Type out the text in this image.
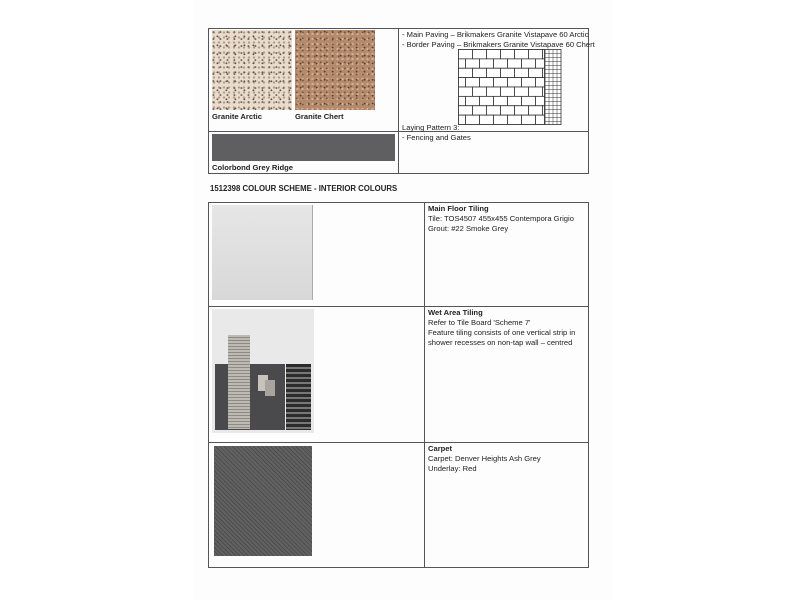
Granite Arctic	Granite Chert
- Main Paving – Brikmakers Granite Vistapave 60 Arctic
- Border Paving – Brikmakers Granite Vistapave 60 Chert
Laying Pattern 3:
Colorbond Grey Ridge
- Fencing and Gates
1512398 COLOUR SCHEME - INTERIOR COLOURS
Main Floor Tiling
Tile: TOS4507 455x455 Contempora Grigio
Grout: #22 Smoke Grey
Wet Area Tiling
Refer to Tile Board 'Scheme 7'
Feature tiling consists of one vertical strip in
shower recesses on non-tap wall – centred
Carpet
Carpet: Denver Heights Ash Grey
Underlay: Red
